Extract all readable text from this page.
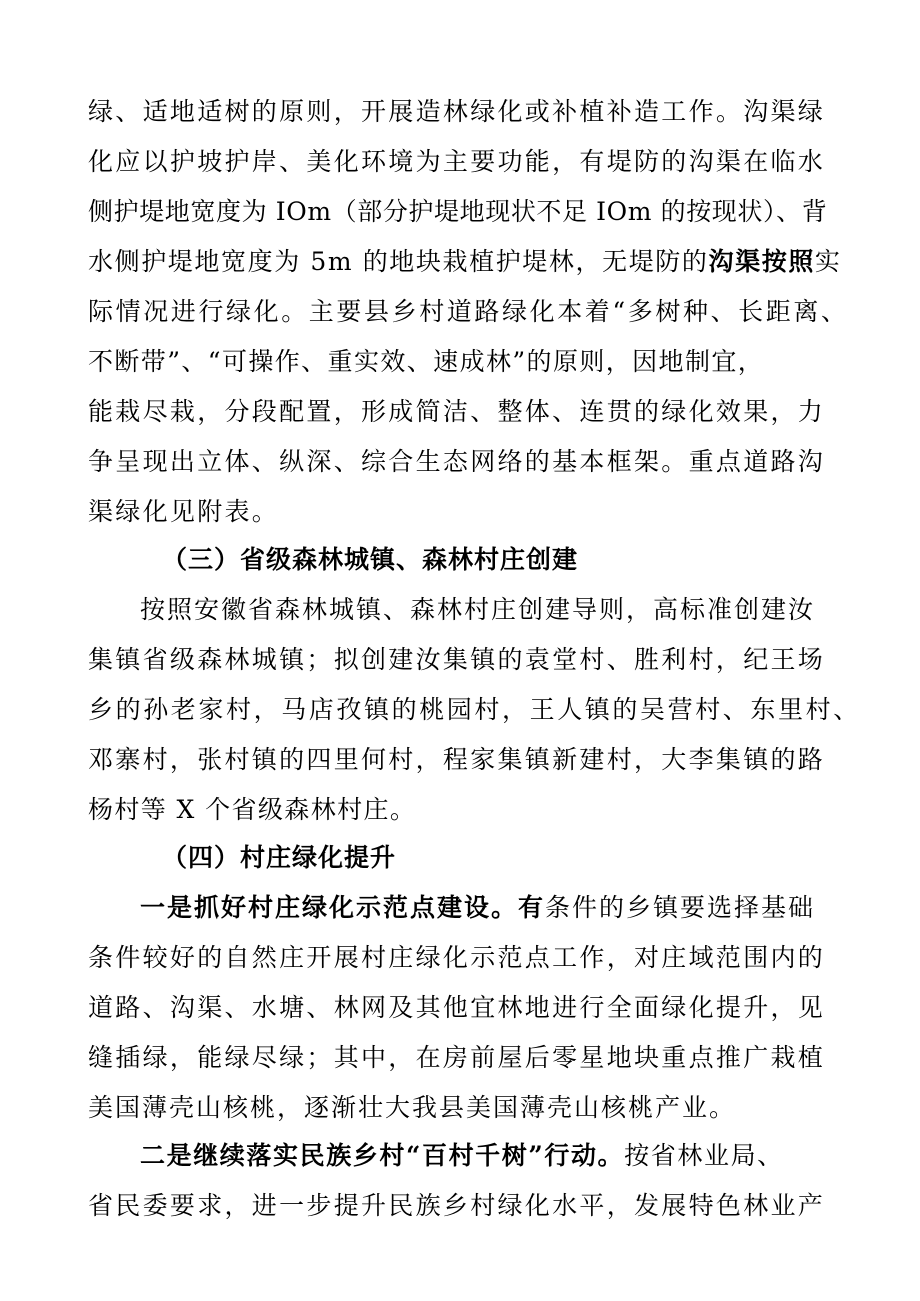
绿、适地适树的原则，开展造林绿化或补植补造工作。沟渠绿
化应以护坡护岸、美化环境为主要功能，有堤防的沟渠在临水
侧护堤地宽度为 IOm（部分护堤地现状不足 IOm 的按现状）、背
水侧护堤地宽度为 5m 的地块栽植护堤林，无堤防的沟渠按照实
际情况进行绿化。主要县乡村道路绿化本着“多树种、长距离、
不断带”、“可操作、重实效、速成林”的原则，因地制宜，
能栽尽栽，分段配置，形成简洁、整体、连贯的绿化效果，力
争呈现出立体、纵深、综合生态网络的基本框架。重点道路沟
渠绿化见附表。
（三）省级森林城镇、森林村庄创建
按照安徽省森林城镇、森林村庄创建导则，高标准创建汝
集镇省级森林城镇；拟创建汝集镇的袁堂村、胜利村，纪王场
乡的孙老家村，马店孜镇的桃园村，王人镇的吴营村、东里村、
邓寨村，张村镇的四里何村，程家集镇新建村，大李集镇的路
杨村等 X 个省级森林村庄。
（四）村庄绿化提升
一是抓好村庄绿化示范点建设。有条件的乡镇要选择基础
条件较好的自然庄开展村庄绿化示范点工作，对庄域范围内的
道路、沟渠、水塘、林网及其他宜林地进行全面绿化提升，见
缝插绿，能绿尽绿；其中，在房前屋后零星地块重点推广栽植
美国薄壳山核桃，逐渐壮大我县美国薄壳山核桃产业。
二是继续落实民族乡村“百村千树”行动。按省林业局、
省民委要求，进一步提升民族乡村绿化水平，发展特色林业产
